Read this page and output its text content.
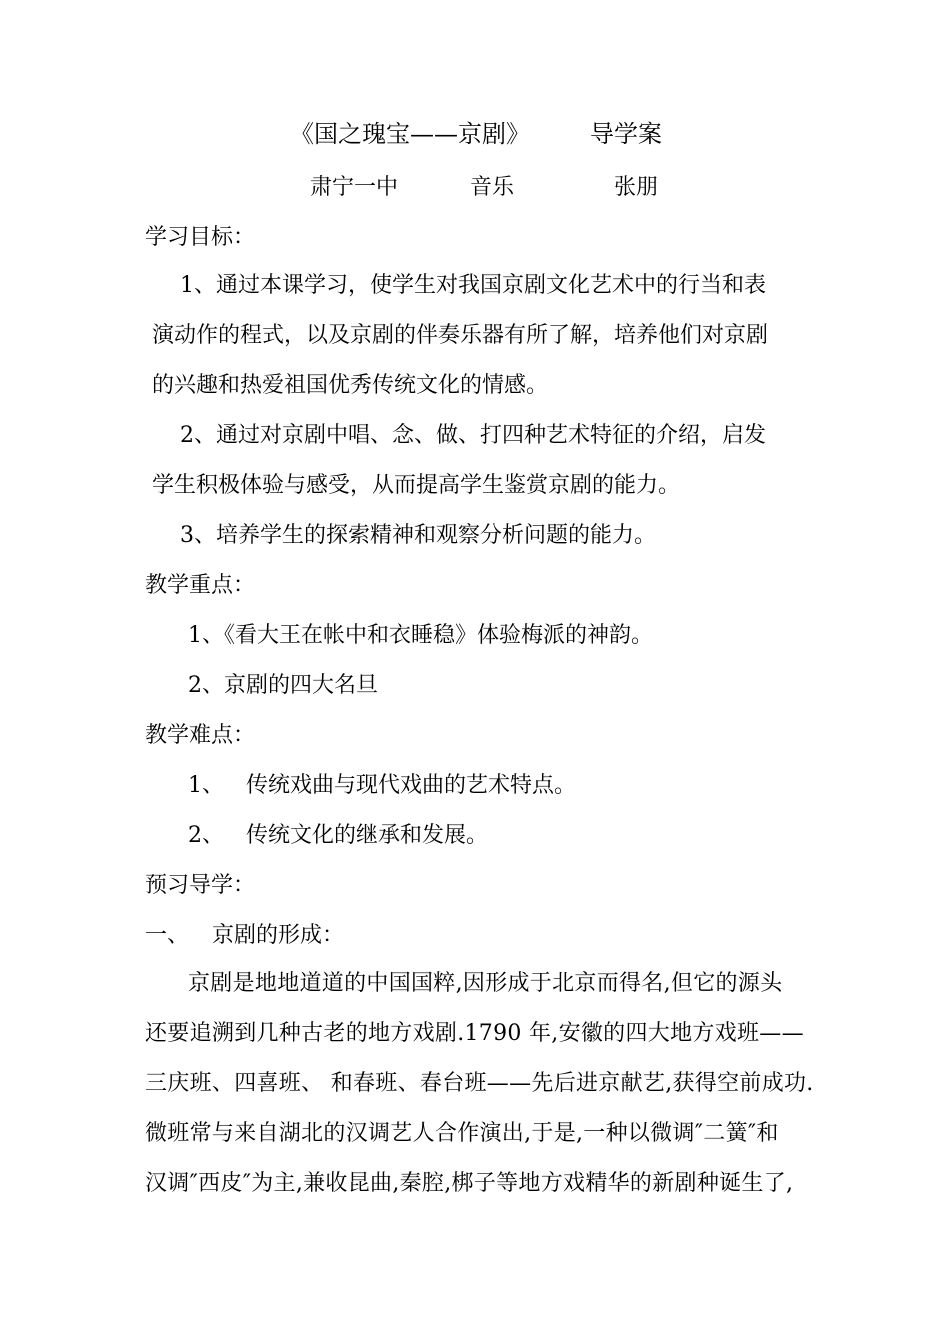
《国之瑰宝——京剧》	导学案
肃宁一中	音乐	张朋
学习目标：
1、通过本课学习，使学生对我国京剧文化艺术中的行当和表
演动作的程式，以及京剧的伴奏乐器有所了解，培养他们对京剧
的兴趣和热爱祖国优秀传统文化的情感。
2、通过对京剧中唱、念、做、打四种艺术特征的介绍，启发
学生积极体验与感受，从而提高学生鉴赏京剧的能力。
3、培养学生的探索精神和观察分析问题的能力。
教学重点：
1、《看大王在帐中和衣睡稳》体验梅派的神韵。
2、京剧的四大名旦
教学难点：
1、 传统戏曲与现代戏曲的艺术特点。
2、 传统文化的继承和发展。
预习导学：
一、 京剧的形成：
京剧是地地道道的中国国粹,因形成于北京而得名,但它的源头
还要追溯到几种古老的地方戏剧.1790 年,安徽的四大地方戏班——
三庆班、四喜班、 和春班、春台班——先后进京献艺,获得空前成功.
微班常与来自湖北的汉调艺人合作演出,于是,一种以微调″二簧″和
汉调″西皮″为主,兼收昆曲,秦腔,梆子等地方戏精华的新剧种诞生了,
